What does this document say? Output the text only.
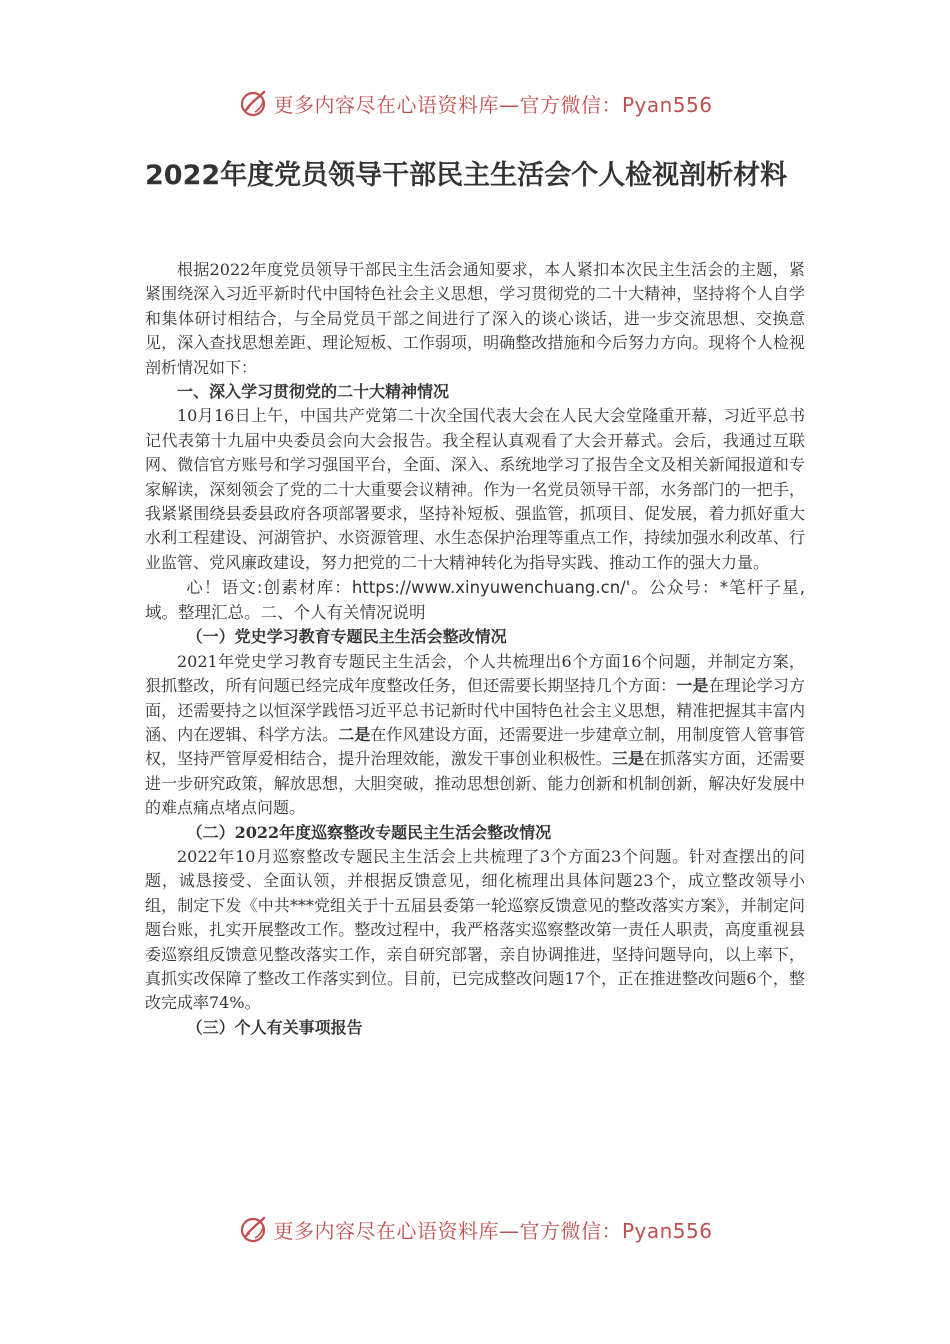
更多内容尽在心语资料库—官方微信：Pyan556
2022年度党员领导干部民主生活会个人检视剖析材料

根据2022年度党员领导干部民主生活会通知要求，本人紧扣本次民主生活会的主题，紧紧围绕深入习近平新时代中国特色社会主义思想，学习贯彻党的二十大精神，坚持将个人自学和集体研讨相结合，与全局党员干部之间进行了深入的谈心谈话，进一步交流思想、交换意见，深入查找思想差距、理论短板、工作弱项，明确整改措施和今后努力方向。现将个人检视剖析情况如下：

一、深入学习贯彻党的二十大精神情况

10月16日上午，中国共产党第二十次全国代表大会在人民大会堂隆重开幕，习近平总书记代表第十九届中央委员会向大会报告。我全程认真观看了大会开幕式。会后，我通过互联网、微信官方账号和学习强国平台，全面、深入、系统地学习了报告全文及相关新闻报道和专家解读，深刻领会了党的二十大重要会议精神。作为一名党员领导干部，水务部门的一把手，我紧紧围绕县委县政府各项部署要求，坚持补短板、强监管，抓项目、促发展，着力抓好重大水利工程建设、河湖管护、水资源管理、水生态保护治理等重点工作，持续加强水利改革、行业监管、党风廉政建设，努力把党的二十大精神转化为指导实践、推动工作的强大力量。

心！语文:创素材库：https://www.xinyuwenchuang.cn/'。公众号：*笔杆子星,域。整理汇总。二、个人有关情况说明

（一）党史学习教育专题民主生活会整改情况

2021年党史学习教育专题民主生活会，个人共梳理出6个方面16个问题，并制定方案，狠抓整改，所有问题已经完成年度整改任务，但还需要长期坚持几个方面：一是在理论学习方面，还需要持之以恒深学践悟习近平总书记新时代中国特色社会主义思想，精准把握其丰富内涵、内在逻辑、科学方法。二是在作风建设方面，还需要进一步建章立制，用制度管人管事管权，坚持严管厚爱相结合，提升治理效能，激发干事创业积极性。三是在抓落实方面，还需要进一步研究政策，解放思想，大胆突破，推动思想创新、能力创新和机制创新，解决好发展中的难点痛点堵点问题。

（二）2022年度巡察整改专题民主生活会整改情况

2022年10月巡察整改专题民主生活会上共梳理了3个方面23个问题。针对查摆出的问题，诚恳接受、全面认领，并根据反馈意见，细化梳理出具体问题23个，成立整改领导小组，制定下发《中共***党组关于十五届县委第一轮巡察反馈意见的整改落实方案》，并制定问题台账，扎实开展整改工作。整改过程中，我严格落实巡察整改第一责任人职责，高度重视县委巡察组反馈意见整改落实工作，亲自研究部署，亲自协调推进，坚持问题导向，以上率下，真抓实改保障了整改工作落实到位。目前，已完成整改问题17个，正在推进整改问题6个，整改完成率74%。

（三）个人有关事项报告

更多内容尽在心语资料库—官方微信：Pyan556
